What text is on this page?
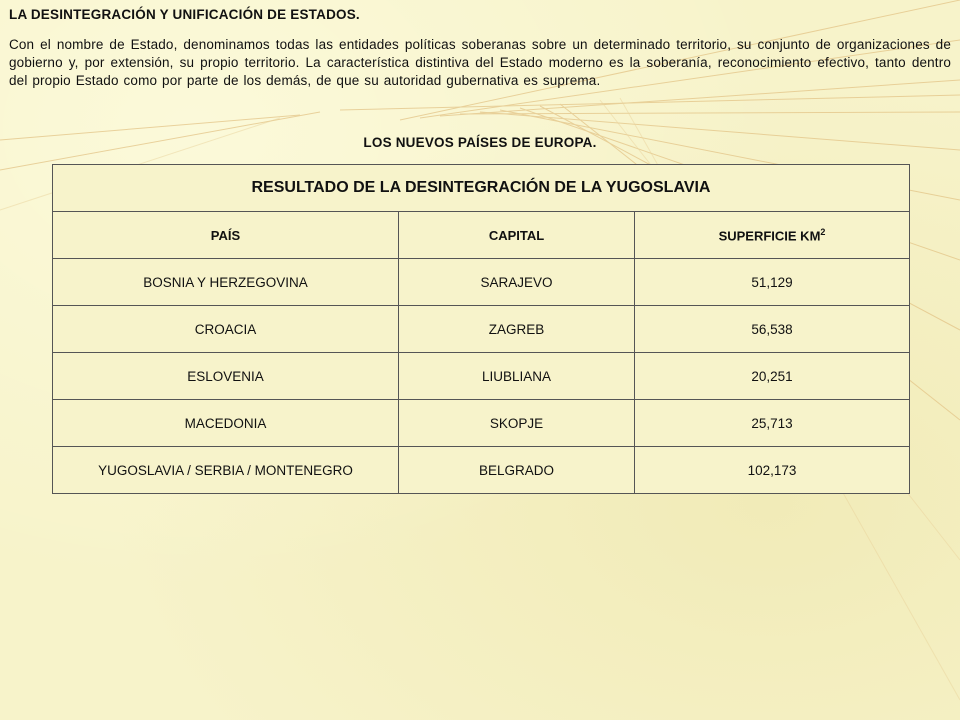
LA DESINTEGRACIÓN Y UNIFICACIÓN DE ESTADOS.
Con el nombre de Estado, denominamos todas las entidades políticas soberanas sobre un determinado territorio, su conjunto de organizaciones de gobierno y, por extensión, su propio territorio. La característica distintiva del Estado moderno es la soberanía, reconocimiento efectivo, tanto dentro del propio Estado como por parte de los demás, de que su autoridad gubernativa es suprema.
LOS NUEVOS PAÍSES DE EUROPA.
RESULTADO DE LA DESINTEGRACIÓN DE LA YUGOSLAVIA		
PAÍS	CAPITAL	SUPERFICIE $KM^2$
BOSNIA Y HERZEGOVINA	SARAJEVO	51,129
CROACIA	ZAGREB	56,538
ESLOVENIA	LIUBLIANA	20,251
MACEDONIA	SKOPJE	25,713
YUGOSLAVIA / SERBIA / MONTENEGRO	BELGRADO	102,173
